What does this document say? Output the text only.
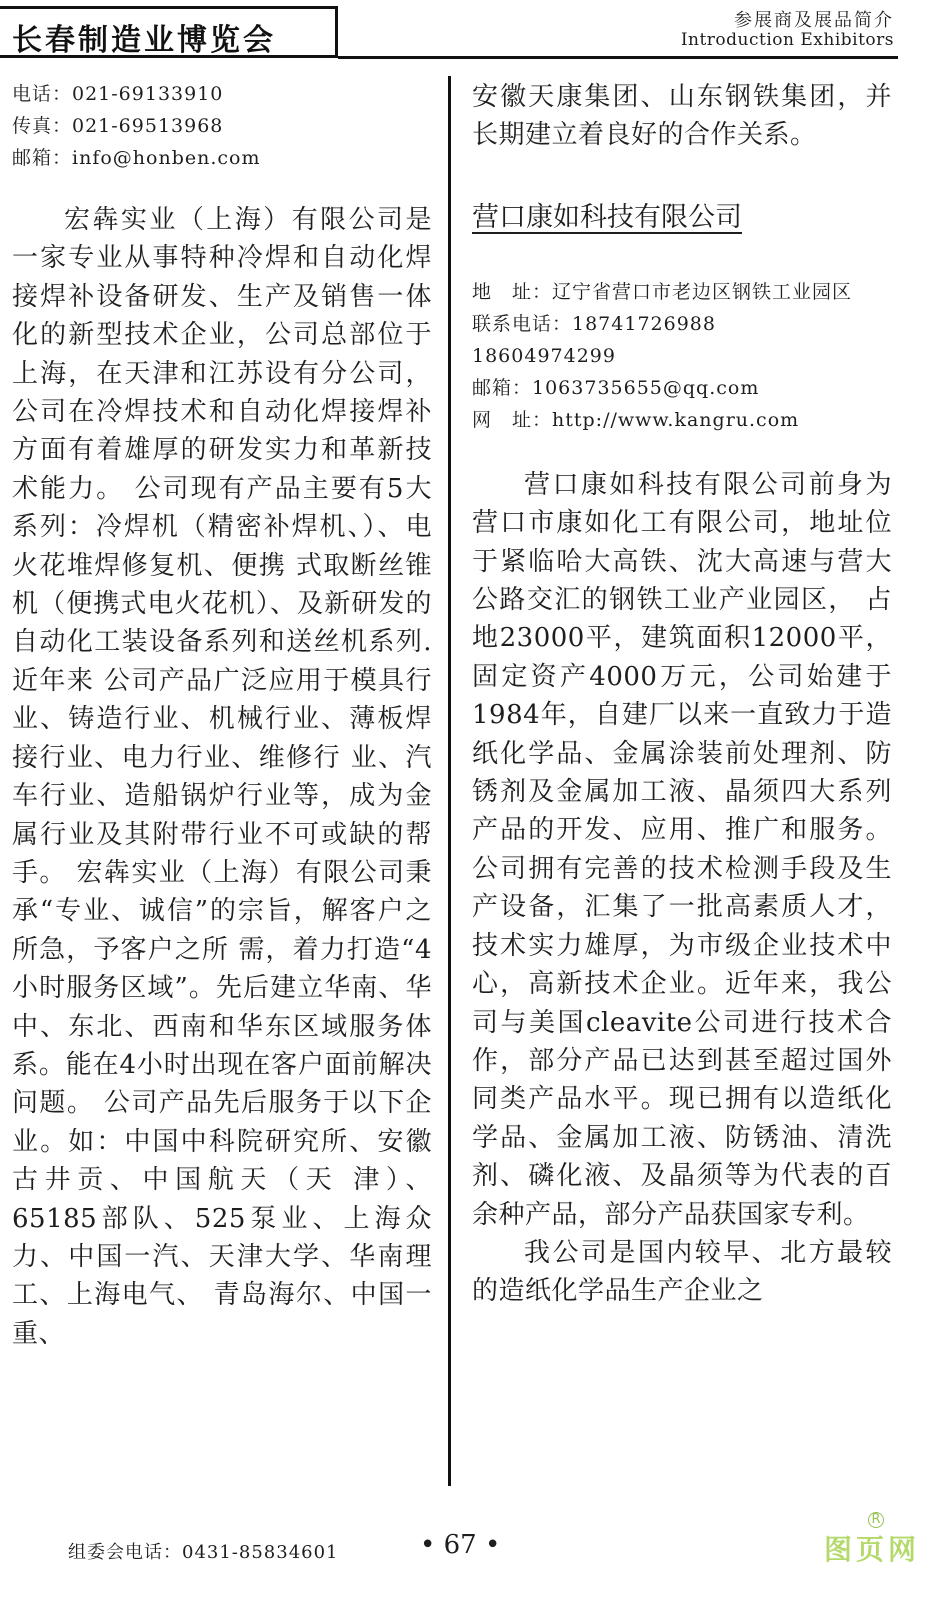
长春制造业博览会
参展商及展品简介
Introduction Exhibitors

电话：021-69133910

传真：021-69513968

邮箱：info@honben.com

宏犇实业（上海）有限公司是一家专业从事特种冷焊和自动化焊接焊补设备研发、生产及销售一体化的新型技术企业，公司总部位于上海，在天津和江苏设有分公司，公司在冷焊技术和自动化焊接焊补方面有着雄厚的研发实力和革新技术能力。 公司现有产品主要有5大系列：冷焊机（精密补焊机、）、电火花堆焊修复机、便携 式取断丝锥机（便携式电火花机）、及新研发的自动化工装设备系列和送丝机系列.近年来 公司产品广泛应用于模具行业、铸造行业、机械行业、薄板焊接行业、电力行业、维修行 业、汽车行业、造船锅炉行业等，成为金属行业及其附带行业不可或缺的帮手。 宏犇实业（上海）有限公司秉承“专业、诚信”的宗旨，解客户之所急，予客户之所 需，着力打造“4小时服务区域”。先后建立华南、华中、东北、西南和华东区域服务体 系。能在4小时出现在客户面前解决问题。 公司产品先后服务于以下企业。如：中国中科院研究所、安徽古井贡、中国航天（天 津）、65185部队、525泵业、上海众力、中国一汽、天津大学、华南理工、上海电气、 青岛海尔、中国一重、

安徽天康集团、山东钢铁集团，并长期建立着良好的合作关系。

营口康如科技有限公司

地　址：辽宁省营口市老边区钢铁工业园区

联系电话：18741726988

18604974299

邮箱：1063735655@qq.com

网　址：http://www.kangru.com

营口康如科技有限公司前身为营口市康如化工有限公司，地址位于紧临哈大高铁、沈大高速与营大公路交汇的钢铁工业产业园区， 占地23000平，建筑面积12000平，固定资产4000万元，公司始建于1984年，自建厂以来一直致力于造纸化学品、金属涂装前处理剂、防锈剂及金属加工液、晶须四大系列产品的开发、应用、推广和服务。公司拥有完善的技术检测手段及生产设备，汇集了一批高素质人才，技术实力雄厚，为市级企业技术中心，高新技术企业。近年来，我公司与美国cleavite公司进行技术合作，部分产品已达到甚至超过国外同类产品水平。现已拥有以造纸化学品、金属加工液、防锈油、清洗剂、磷化液、及晶须等为代表的百余种产品，部分产品获国家专利。

我公司是国内较早、北方最较的造纸化学品生产企业之

组委会电话：0431-85834601	• 67 •
R
图页网
